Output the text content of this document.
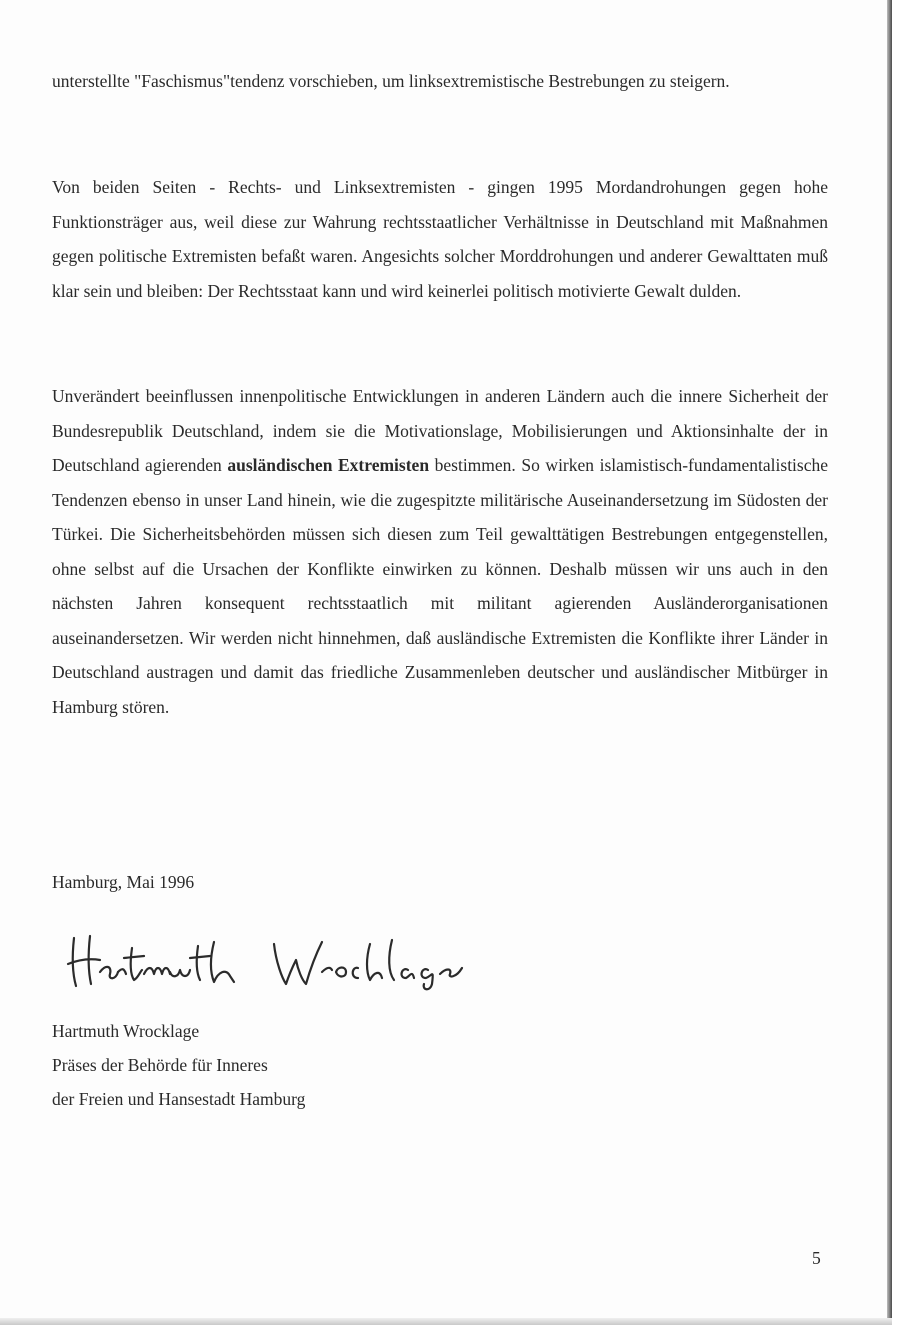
unterstellte "Faschismus"tendenz vorschieben, um linksextremistische Bestrebungen zu steigern.

Von beiden Seiten - Rechts- und Linksextremisten - gingen 1995 Mordandrohungen gegen hohe Funktionsträger aus, weil diese zur Wahrung rechtsstaatlicher Verhältnisse in Deutschland mit Maßnahmen gegen politische Extremisten befaßt waren. Angesichts solcher Morddrohungen und anderer Gewalttaten muß klar sein und bleiben: Der Rechtsstaat kann und wird keinerlei politisch motivierte Gewalt dulden.

Unverändert beeinflussen innenpolitische Entwicklungen in anderen Ländern auch die innere Sicherheit der Bundesrepublik Deutschland, indem sie die Motivationslage, Mobilisierungen und Aktionsinhalte der in Deutschland agierenden ausländischen Extremisten bestimmen. So wirken islamistisch-fundamentalistische Tendenzen ebenso in unser Land hinein, wie die zugespitzte militärische Auseinandersetzung im Südosten der Türkei. Die Sicherheitsbehörden müssen sich diesen zum Teil gewalttätigen Bestrebungen entgegenstellen, ohne selbst auf die Ursachen der Konflikte einwirken zu können. Deshalb müssen wir uns auch in den nächsten Jahren konsequent rechtsstaatlich mit militant agierenden Ausländerorganisationen auseinandersetzen. Wir werden nicht hinnehmen, daß ausländische Extremisten die Konflikte ihrer Länder in Deutschland austragen und damit das friedliche Zusammenleben deutscher und ausländischer Mitbürger in Hamburg stören.

Hamburg, Mai 1996

Hartmuth Wrocklage
Präses der Behörde für Inneres
der Freien und Hansestadt Hamburg
5
